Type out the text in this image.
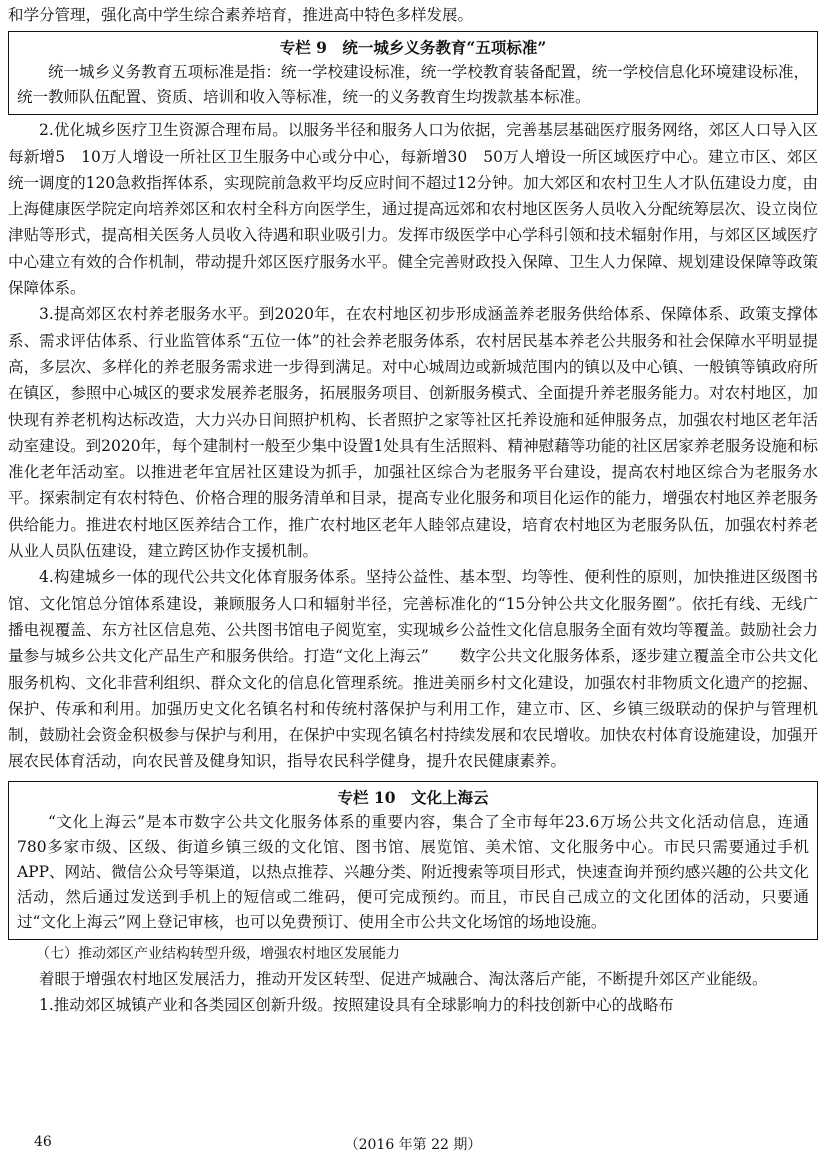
和学分管理，强化高中学生综合素养培育，推进高中特色多样发展。

专栏 9　统一城乡义务教育“五项标准”

统一城乡义务教育五项标准是指：统一学校建设标准，统一学校教育装备配置，统一学校信息化环境建设标准，统一教师队伍配置、资质、培训和收入等标准，统一的义务教育生均拨款基本标准。

2.优化城乡医疗卫生资源合理布局。以服务半径和服务人口为依据，完善基层基础医疗服务网络，郊区人口导入区每新增5　10万人增设一所社区卫生服务中心或分中心，每新增30　50万人增设一所区域医疗中心。建立市区、郊区统一调度的120急救指挥体系，实现院前急救平均反应时间不超过12分钟。加大郊区和农村卫生人才队伍建设力度，由上海健康医学院定向培养郊区和农村全科方向医学生，通过提高远郊和农村地区医务人员收入分配统筹层次、设立岗位津贴等形式，提高相关医务人员收入待遇和职业吸引力。发挥市级医学中心学科引领和技术辐射作用，与郊区区域医疗中心建立有效的合作机制，带动提升郊区医疗服务水平。健全完善财政投入保障、卫生人力保障、规划建设保障等政策保障体系。

3.提高郊区农村养老服务水平。到2020年，在农村地区初步形成涵盖养老服务供给体系、保障体系、政策支撑体系、需求评估体系、行业监管体系“五位一体”的社会养老服务体系，农村居民基本养老公共服务和社会保障水平明显提高，多层次、多样化的养老服务需求进一步得到满足。对中心城周边或新城范围内的镇以及中心镇、一般镇等镇政府所在镇区，参照中心城区的要求发展养老服务，拓展服务项目、创新服务模式、全面提升养老服务能力。对农村地区，加快现有养老机构达标改造，大力兴办日间照护机构、长者照护之家等社区托养设施和延伸服务点，加强农村地区老年活动室建设。到2020年，每个建制村一般至少集中设置1处具有生活照料、精神慰藉等功能的社区居家养老服务设施和标准化老年活动室。以推进老年宜居社区建设为抓手，加强社区综合为老服务平台建设，提高农村地区综合为老服务水平。探索制定有农村特色、价格合理的服务清单和目录，提高专业化服务和项目化运作的能力，增强农村地区养老服务供给能力。推进农村地区医养结合工作，推广农村地区老年人睦邻点建设，培育农村地区为老服务队伍，加强农村养老从业人员队伍建设，建立跨区协作支援机制。

4.构建城乡一体的现代公共文化体育服务体系。坚持公益性、基本型、均等性、便利性的原则，加快推进区级图书馆、文化馆总分馆体系建设，兼顾服务人口和辐射半径，完善标准化的“15分钟公共文化服务圈”。依托有线、无线广播电视覆盖、东方社区信息苑、公共图书馆电子阅览室，实现城乡公益性文化信息服务全面有效均等覆盖。鼓励社会力量参与城乡公共文化产品生产和服务供给。打造“文化上海云”　　数字公共文化服务体系，逐步建立覆盖全市公共文化服务机构、文化非营利组织、群众文化的信息化管理系统。推进美丽乡村文化建设，加强农村非物质文化遗产的挖掘、保护、传承和利用。加强历史文化名镇名村和传统村落保护与利用工作，建立市、区、乡镇三级联动的保护与管理机制，鼓励社会资金积极参与保护与利用，在保护中实现名镇名村持续发展和农民增收。加快农村体育设施建设，加强开展农民体育活动，向农民普及健身知识，指导农民科学健身，提升农民健康素养。

专栏 10　文化上海云

“文化上海云”是本市数字公共文化服务体系的重要内容，集合了全市每年23.6万场公共文化活动信息，连通780多家市级、区级、街道乡镇三级的文化馆、图书馆、展览馆、美术馆、文化服务中心。市民只需要通过手机APP、网站、微信公众号等渠道，以热点推荐、兴趣分类、附近搜索等项目形式，快速查询并预约感兴趣的公共文化活动，然后通过发送到手机上的短信或二维码，便可完成预约。而且，市民自己成立的文化团体的活动，只要通过“文化上海云”网上登记审核，也可以免费预订、使用全市公共文化场馆的场地设施。

（七）推动郊区产业结构转型升级，增强农村地区发展能力

着眼于增强农村地区发展活力，推动开发区转型、促进产城融合、淘汰落后产能，不断提升郊区产业能级。

1.推动郊区城镇产业和各类园区创新升级。按照建设具有全球影响力的科技创新中心的战略布

46	（2016 年第 22 期）
